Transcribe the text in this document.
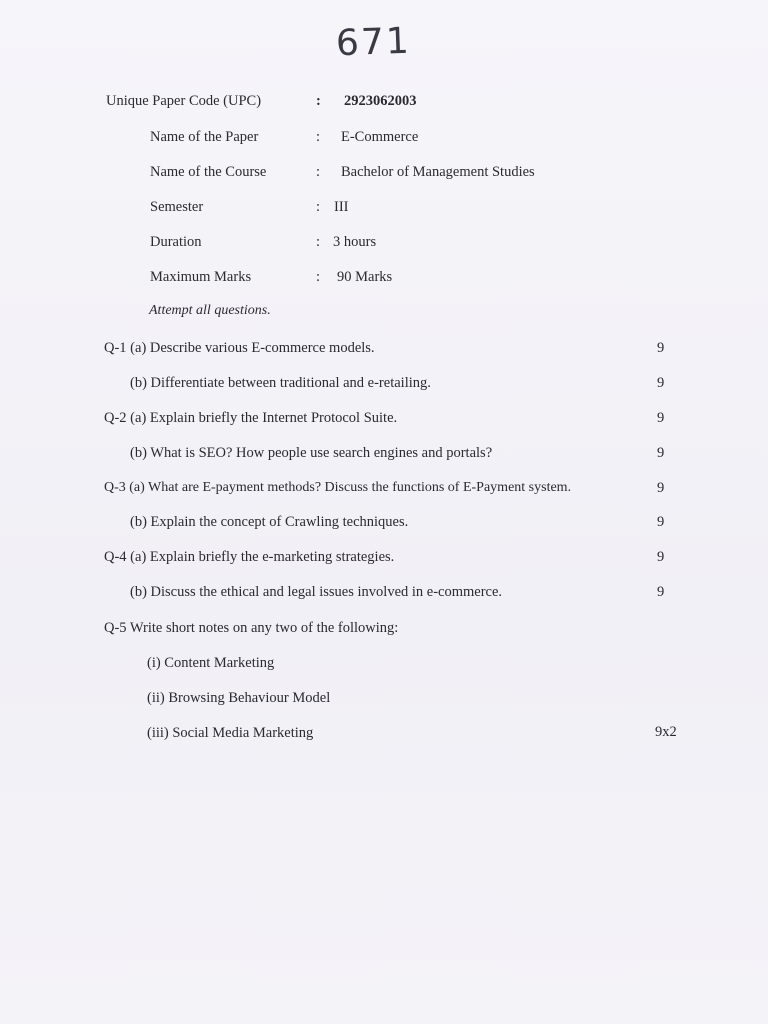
671
Unique Paper Code (UPC)	: 2923062003
Name of the Paper	: E-Commerce
Name of the Course	: Bachelor of Management Studies
Semester	: III
Duration	: 3 hours
Maximum Marks	: 90 Marks
Attempt all questions.
Q-1 (a) Describe various E-commerce models.	9
(b) Differentiate between traditional and e-retailing.	9
Q-2 (a) Explain briefly the Internet Protocol Suite.	9
(b) What is SEO? How people use search engines and portals?	9
Q-3 (a) What are E-payment methods? Discuss the functions of E-Payment system.	9
(b) Explain the concept of Crawling techniques.	9
Q-4 (a) Explain briefly the e-marketing strategies.	9
(b) Discuss the ethical and legal issues involved in e-commerce.	9
Q-5 Write short notes on any two of the following:
(i) Content Marketing
(ii) Browsing Behaviour Model
(iii) Social Media Marketing	9x2
